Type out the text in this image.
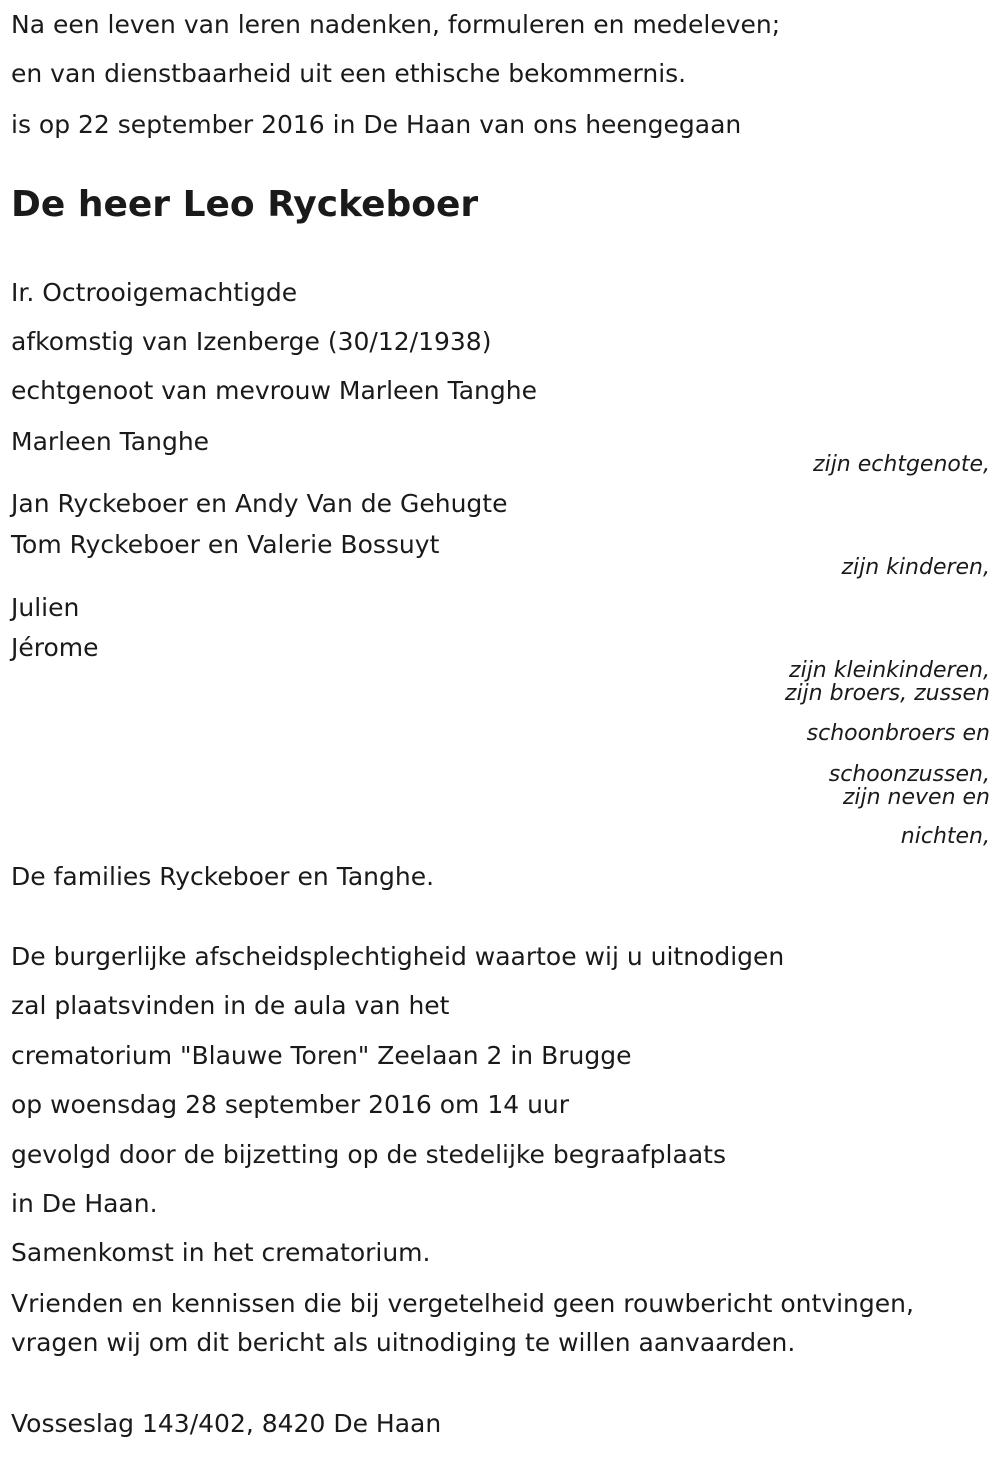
Na een leven van leren nadenken, formuleren en medeleven;
en van dienstbaarheid uit een ethische bekommernis.
is op 22 september 2016 in De Haan van ons heengegaan
De heer Leo Ryckeboer
Ir. Octrooigemachtigde
afkomstig van Izenberge (30/12/1938)
echtgenoot van mevrouw Marleen Tanghe
Marleen Tanghe
zijn echtgenote,
Jan Ryckeboer en Andy Van de Gehugte
Tom Ryckeboer en Valerie Bossuyt
zijn kinderen,
Julien
Jérome
zijn kleinkinderen,
zijn broers, zussen
schoonbroers en
schoonzussen,
zijn neven en
nichten,
De families Ryckeboer en Tanghe.
De burgerlijke afscheidsplechtigheid waartoe wij u uitnodigen
zal plaatsvinden in de aula van het
crematorium "Blauwe Toren" Zeelaan 2 in Brugge
op woensdag 28 september 2016 om 14 uur
gevolgd door de bijzetting op de stedelijke begraafplaats
in De Haan.
Samenkomst in het crematorium.
Vrienden en kennissen die bij vergetelheid geen rouwbericht ontvingen,
vragen wij om dit bericht als uitnodiging te willen aanvaarden.
Vosseslag 143/402, 8420 De Haan
